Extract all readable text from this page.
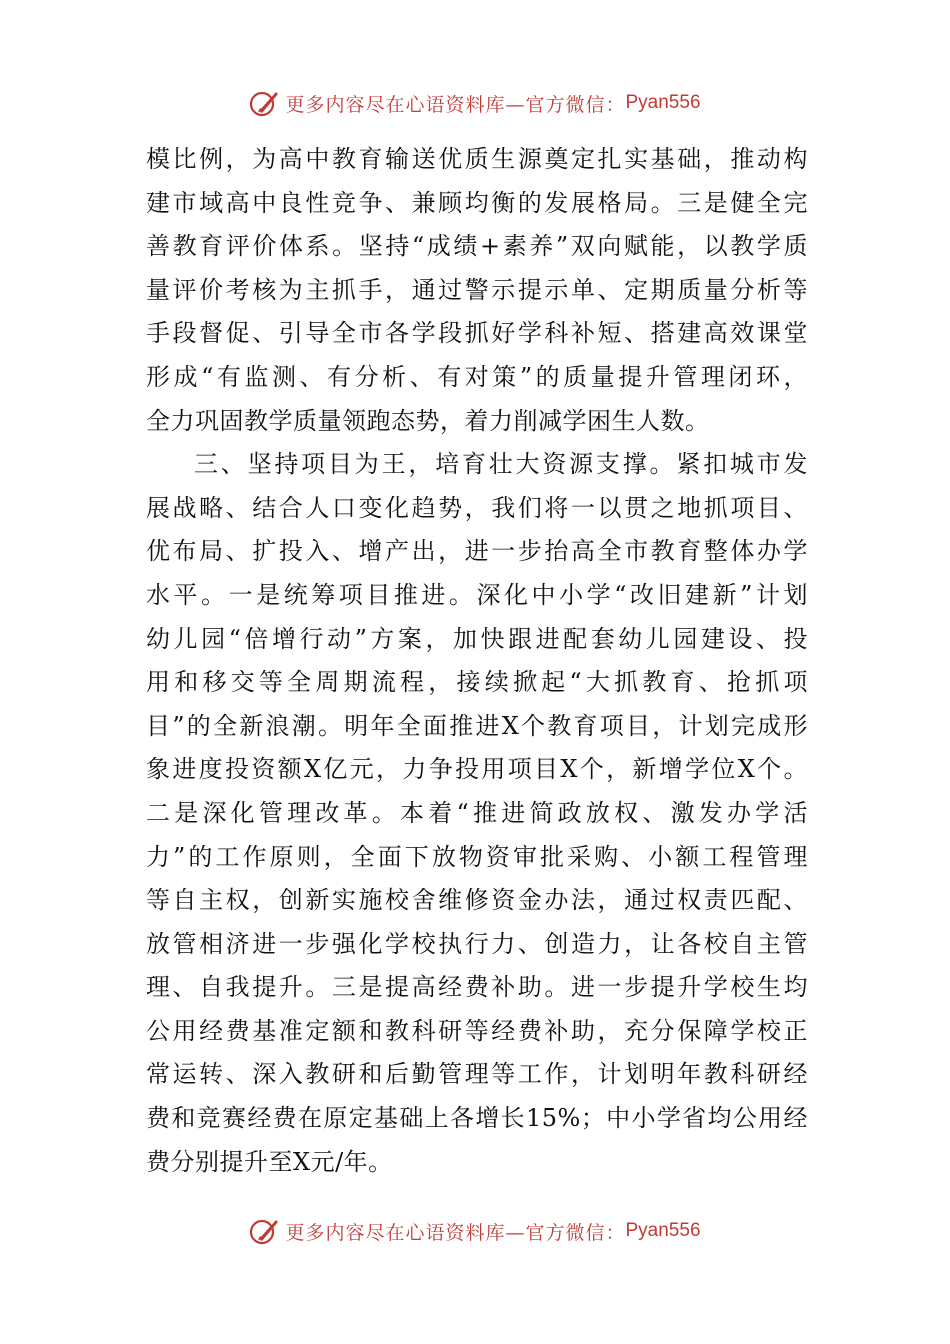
更多内容尽在心语资料库—官方微信： Pyan556
模比例，为高中教育输送优质生源奠定扎实基础，推动构
建市域高中良性竞争、兼顾均衡的发展格局。三是健全完
善教育评价体系。坚持“成绩+素养”双向赋能，以教学质
量评价考核为主抓手，通过警示提示单、定期质量分析等
手段督促、引导全市各学段抓好学科补短、搭建高效课堂
形成“有监测、有分析、有对策”的质量提升管理闭环，
全力巩固教学质量领跑态势，着力削减学困生人数。
三、坚持项目为王，培育壮大资源支撑。紧扣城市发
展战略、结合人口变化趋势，我们将一以贯之地抓项目、
优布局、扩投入、增产出，进一步抬高全市教育整体办学
水平。一是统筹项目推进。深化中小学“改旧建新”计划
幼儿园“倍增行动”方案，加快跟进配套幼儿园建设、投
用和移交等全周期流程，接续掀起“大抓教育、抢抓项
目”的全新浪潮。明年全面推进X个教育项目，计划完成形
象进度投资额X亿元，力争投用项目X个，新增学位X个。
二是深化管理改革。本着“推进简政放权、激发办学活
力”的工作原则，全面下放物资审批采购、小额工程管理
等自主权，创新实施校舍维修资金办法，通过权责匹配、
放管相济进一步强化学校执行力、创造力，让各校自主管
理、自我提升。三是提高经费补助。进一步提升学校生均
公用经费基准定额和教科研等经费补助，充分保障学校正
常运转、深入教研和后勤管理等工作，计划明年教科研经
费和竞赛经费在原定基础上各增长15%；中小学省均公用经
费分别提升至X元/年。
更多内容尽在心语资料库—官方微信： Pyan556
